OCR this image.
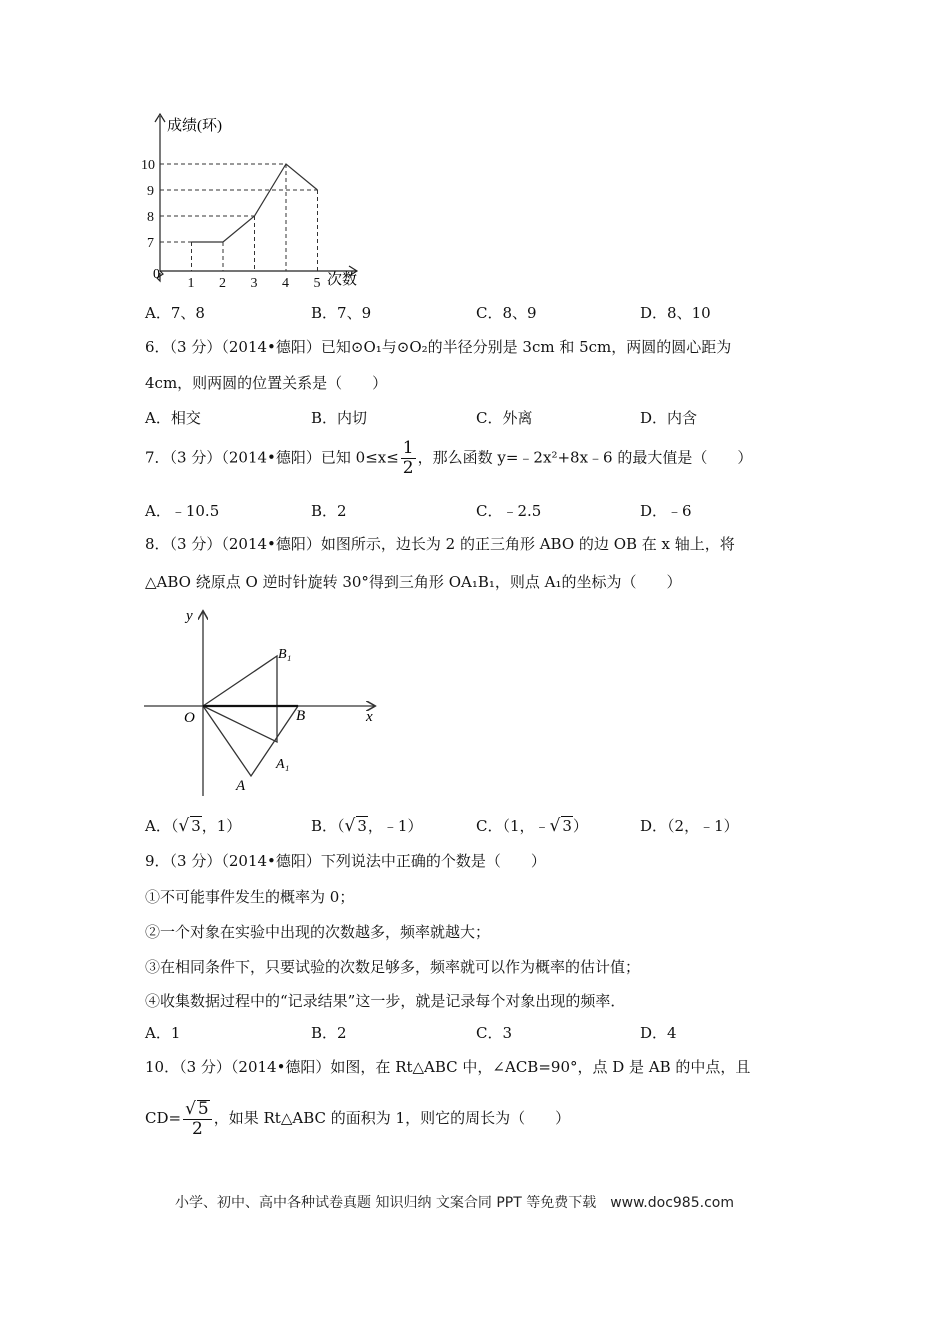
1 2 3 4 5
7
8
9
10
成绩(环)
次数
0
A．7、8	B．7、9	C．8、9	D．8、10
6．（3 分）（2014•德阳）已知⊙O₁与⊙O₂的半径分别是 3cm 和 5cm，两圆的圆心距为
4cm，则两圆的位置关系是（　　）
A．相交	B．内切	C．外离	D．内含
7．（3 分）（2014•德阳）已知 $0\le x\le \frac{1}{2}$ ，那么函数 y=﹣2x²+8x﹣6 的最大值是（　　）
A．﹣10.5	B．2	C．﹣2.5	D．﹣6
8．（3 分）（2014•德阳）如图所示，边长为 2 的正三角形 ABO 的边 OB 在 x 轴上，将
△ABO 绕原点 O 逆时针旋转 30°得到三角形 OA₁B₁，则点 A₁的坐标为（　　）
y
x
O	B
B₁
A
A₁
A．（√ 3，1）	B．（√ 3，﹣1）	C．（1，﹣√ 3）	D．（2，﹣1）
9．（3 分）（2014•德阳）下列说法中正确的个数是（　　）
①不可能事件发生的概率为 0；
②一个对象在实验中出现的次数越多，频率就越大；
③在相同条件下，只要试验的次数足够多，频率就可以作为概率的估计值；
④收集数据过程中的“记录结果”这一步，就是记录每个对象出现的频率．
A．1	B．2	C．3	D．4
10．（3 分）（2014•德阳）如图，在 Rt△ABC 中，∠ACB=90°，点 D 是 AB 的中点，且
$CD= \frac{√ 5}{2}$ ，如果 Rt△ABC 的面积为 1，则它的周长为（　　）
小学、初中、高中各种试卷真题 知识归纳 文案合同 PPT 等免费下载　www.doc985.com
